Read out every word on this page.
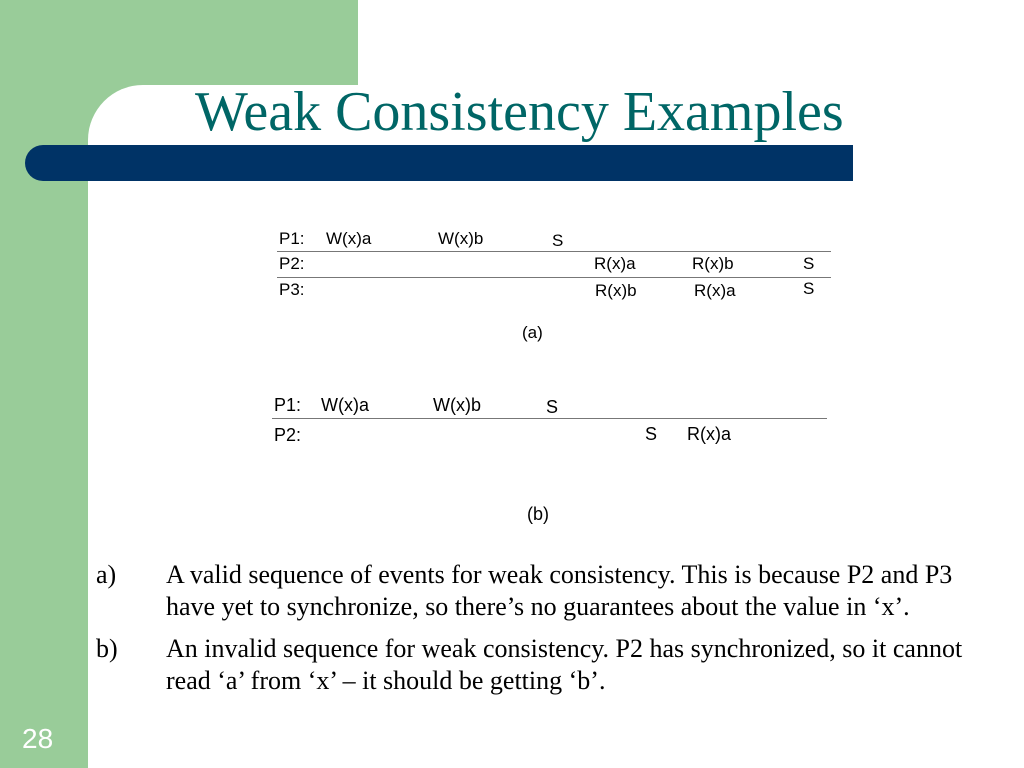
Weak Consistency Examples
P1: W(x)a	W(x)b	S
P2:	R(x)a	R(x)b	S
P3:	R(x)b	R(x)a	S
(a)
P1: W(x)a	W(x)b	S
P2:	S R(x)a
(b)
a) A valid sequence of events for weak consistency. This is because P2 and P3 have yet to synchronize, so there’s no guarantees about the value in ‘x’.
b) An invalid sequence for weak consistency. P2 has synchronized, so it cannot read ‘a’ from ‘x’ – it should be getting ‘b’.
28
